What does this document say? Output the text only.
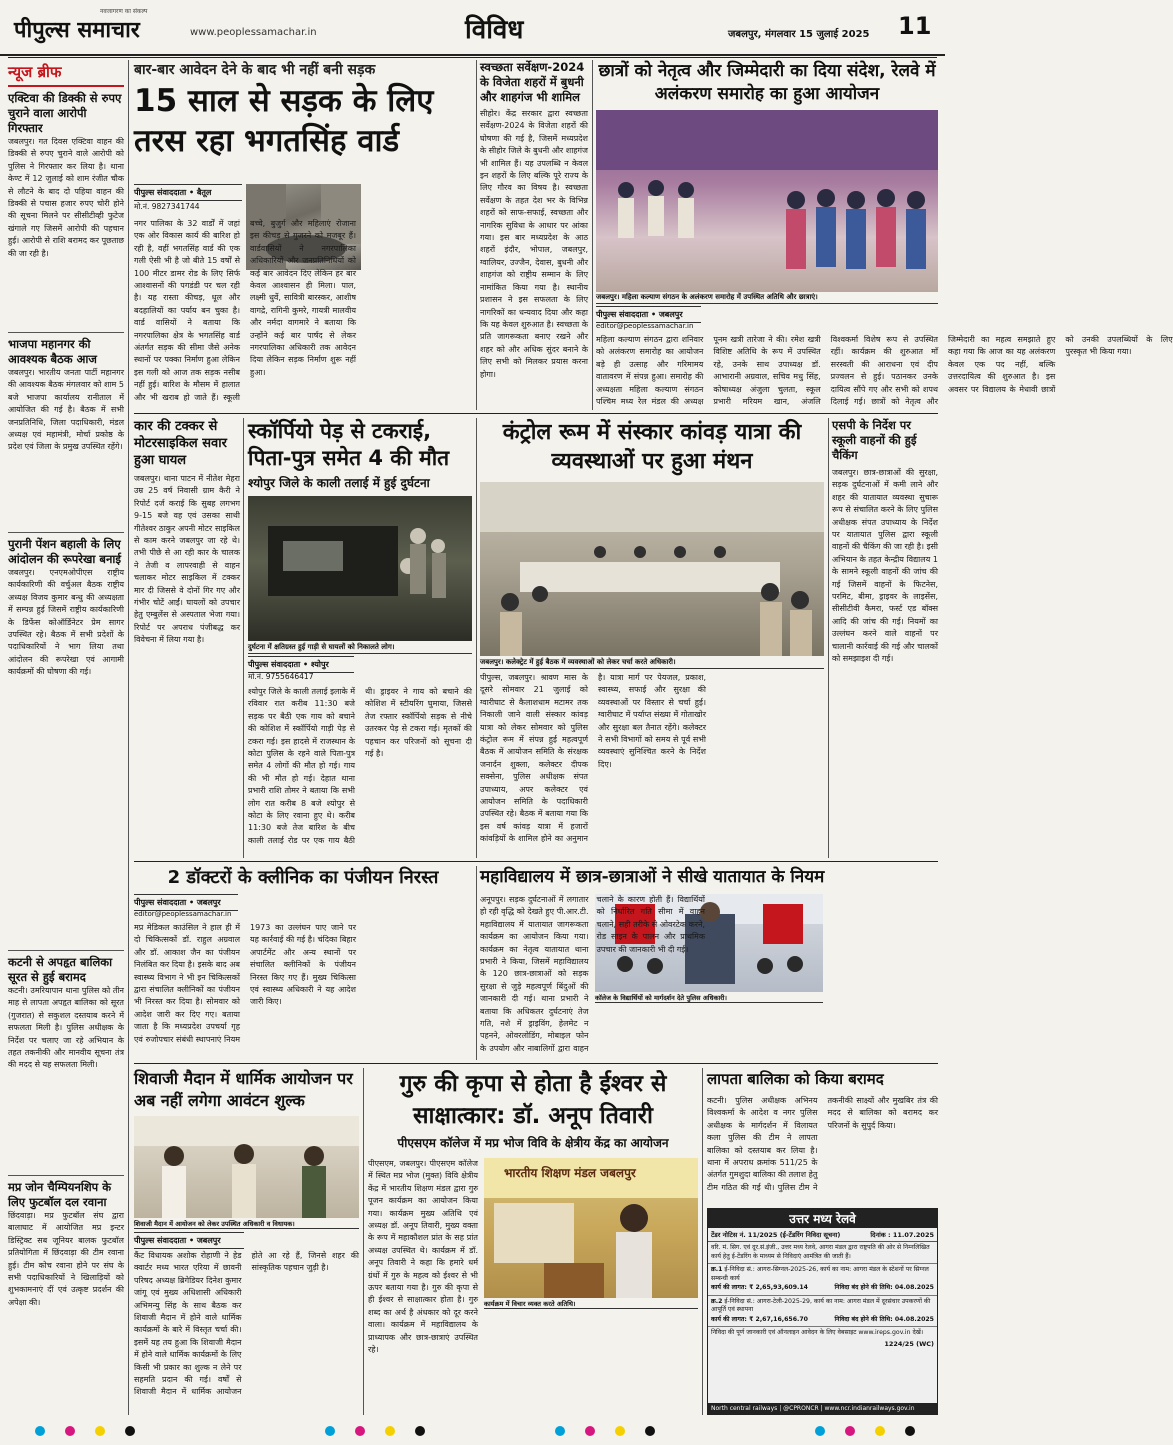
पीपुल्स समाचार
नवजागरण का संकल्प
www.peoplessamachar.in	विविध	जबलपुर, मंगलवार 15 जुलाई 2025 11
न्यूज ब्रीफ
एक्टिवा की डिक्की से रुपए चुराने वाला आरोपी गिरफ्तार
जबलपुर। गत दिवस एक्टिवा वाहन की डिक्की से रुपए चुराने वाले आरोपी को पुलिस ने गिरफ्तार कर लिया है। थाना केण्ट में 12 जुलाई को शाम रंजीत चौक से लौटने के बाद दो पहिया वाहन की डिक्की से पचास हजार रुपए चोरी होने की सूचना मिलने पर सीसीटीव्ही फुटेज खंगाले गए जिसमें आरोपी की पहचान हुई। आरोपी से राशि बरामद कर पूछताछ की जा रही है।
भाजपा महानगर की आवश्यक बैठक आज
जबलपुर। भारतीय जनता पार्टी महानगर की आवश्यक बैठक मंगलवार को शाम 5 बजे भाजपा कार्यालय रानीताल में आयोजित की गई है। बैठक में सभी जनप्रतिनिधि, जिला पदाधिकारी, मंडल अध्यक्ष एवं महामंत्री, मोर्चा प्रकोष्ठ के प्रदेश एवं जिला के प्रमुख उपस्थित रहेंगे।
पुरानी पेंशन बहाली के लिए आंदोलन की रूपरेखा बनाई
जबलपुर। एनएमओपीएस राष्ट्रीय कार्यकारिणी की वर्चुअल बैठक राष्ट्रीय अध्यक्ष विजय कुमार बन्धु की अध्यक्षता में सम्पन्न हुई जिसमें राष्ट्रीय कार्यकारिणी के डिफेंस कोऑर्डिनेटर प्रेम सागर उपस्थित रहे। बैठक में सभी प्रदेशों के पदाधिकारियों ने भाग लिया तथा आंदोलन की रूपरेखा एवं आगामी कार्यक्रमों की घोषणा की गई।
कटनी से अपहृत बालिका सूरत से हुई बरामद
कटनी। उमरियापान थाना पुलिस को तीन माह से लापता अपहृत बालिका को सूरत (गुजरात) से सकुशल दस्तयाब करने में सफलता मिली है। पुलिस अधीक्षक के निर्देश पर चलाए जा रहे अभियान के तहत तकनीकी और मानवीय सूचना तंत्र की मदद से यह सफलता मिली।
मप्र जोन चैम्पियनशिप के लिए फुटबॉल दल रवाना
छिंदवाड़ा। मप्र फुटबॉल संघ द्वारा बालाघाट में आयोजित मप्र इन्टर डिस्ट्रिक्ट सब जूनियर बालक फुटबॉल प्रतियोगिता में छिंदवाड़ा की टीम रवाना हुई। टीम कोच रवाना होने पर संघ के सभी पदाधिकारियों ने खिलाड़ियों को शुभकामनाएं दीं एवं उत्कृष्ट प्रदर्शन की अपेक्षा की।
बार-बार आवेदन देने के बाद भी नहीं बनी सड़क
15 साल से सड़क के लिए तरस रहा भगतसिंह वार्ड
पीपुल्स संवाददाता • बैतूल
मो.नं. 9827341744
नगर पालिका के 32 वार्डों में जहां एक ओर विकास कार्य की बारिश हो रही है, वहीं भगतसिंह वार्ड की एक गली ऐसी भी है जो बीते 15 वर्षों से 100 मीटर डामर रोड के लिए सिर्फ आश्वासनों की पगडंडी पर चल रही है। यह रास्ता कीचड़, धूल और बदहालियों का पर्याय बन चुका है। वार्ड वासियों ने बताया कि नगरपालिका क्षेत्र के भगतसिंह वार्ड अंतर्गत सड़क की सीमा जैसे अनेक स्थानों पर पक्का निर्माण हुआ लेकिन इस गली को आज तक सड़क नसीब नहीं हुई। बारिश के मौसम में हालात और भी खराब हो जाते हैं। स्कूली बच्चे, बुजुर्ग और महिलाएं रोजाना इस कीचड़ से गुजरने को मजबूर हैं। वार्डवासियों ने नगरपालिका अधिकारियों और जनप्रतिनिधियों को कई बार आवेदन दिए लेकिन हर बार केवल आश्वासन ही मिला। पाल, लक्ष्मी धुर्वे, सावित्री बारस्कर, आशीष वागद्रे, रागिनी कुमरे, गायत्री मालवीय और नर्मदा वागमारे ने बताया कि उन्होंने कई बार पार्षद से लेकर नगरपालिका अधिकारी तक आवेदन दिया लेकिन सड़क निर्माण शुरू नहीं हुआ।
स्वच्छता सर्वेक्षण-2024 के विजेता शहरों में बुधनी और शाहगंज भी शामिल
सीहोर। केंद्र सरकार द्वारा स्वच्छता सर्वेक्षण-2024 के विजेता शहरों की घोषणा की गई है, जिसमें मध्यप्रदेश के सीहोर जिले के बुधनी और शाहगंज भी शामिल हैं। यह उपलब्धि न केवल इन शहरों के लिए बल्कि पूरे राज्य के लिए गौरव का विषय है। स्वच्छता सर्वेक्षण के तहत देश भर के विभिन्न शहरों को साफ-सफाई, स्वच्छता और नागरिक सुविधा के आधार पर आंका गया। इस बार मध्यप्रदेश के आठ शहरों इंदौर, भोपाल, जबलपुर, ग्वालियर, उज्जैन, देवास, बुधनी और शाहगंज को राष्ट्रीय सम्मान के लिए नामांकित किया गया है। स्थानीय प्रशासन ने इस सफलता के लिए नागरिकों का धन्यवाद दिया और कहा कि यह केवल शुरुआत है। स्वच्छता के प्रति जागरूकता बनाए रखने और शहर को और अधिक सुंदर बनाने के लिए सभी को मिलकर प्रयास करना होगा।
छात्रों को नेतृत्व और जिम्मेदारी का दिया संदेश, रेलवे में अलंकरण समारोह का हुआ आयोजन
जबलपुर। महिला कल्याण संगठन के अलंकरण समारोह में उपस्थित अतिथि और छात्राएं।
पीपुल्स संवाददाता • जबलपुर
editor@peoplessamachar.in
महिला कल्याण संगठन द्वारा शनिवार को अलंकरण समारोह का आयोजन बड़े ही उत्साह और गरिमामय वातावरण में संपन्न हुआ। समारोह की अध्यक्षता महिला कल्याण संगठन पश्चिम मध्य रेल मंडल की अध्यक्ष पूनम खत्री तारेजा ने की। रमेश खत्री विशिष्ट अतिथि के रूप में उपस्थित रहे, उनके साथ उपाध्यक्ष डॉ. आभारानी अग्रवाल, सचिव मधु सिंह, कोषाध्यक्ष अंजुला चुलता, स्कूल प्रभारी मरियम खान, अंजलि विश्वकर्मा विशेष रूप से उपस्थित रहीं। कार्यक्रम की शुरुआत माँ सरस्वती की आराधना एवं दीप प्रज्वलन से हुई। पठानकर उनके दायित्व सौंपे गए और सभी को शपथ दिलाई गई। छात्रों को नेतृत्व और जिम्मेदारी का महत्व समझाते हुए कहा गया कि आज का यह अलंकरण केवल एक पद नहीं, बल्कि उत्तरदायित्व की शुरुआत है। इस अवसर पर विद्यालय के मेधावी छात्रों को उनकी उपलब्धियों के लिए पुरस्कृत भी किया गया।
कार की टक्कर से मोटरसाइकिल सवार हुआ घायल
जबलपुर। थाना पाटन में नीतेश मेहरा उम्र 25 वर्ष निवासी ग्राम कैरी ने रिपोर्ट दर्ज कराई कि सुबह लगभग 9-15 बजे वह एवं उसका साथी गीतेश्वर ठाकुर अपनी मोटर साइकिल से काम करने जबलपुर जा रहे थे। तभी पीछे से आ रही कार के चालक ने तेजी व लापरवाही से वाहन चलाकर मोटर साइकिल में टक्कर मार दी जिससे वे दोनों गिर गए और गंभीर चोटें आईं। घायलों को उपचार हेतु एम्बुलेंस से अस्पताल भेजा गया। रिपोर्ट पर अपराध पंजीबद्ध कर विवेचना में लिया गया है।
स्कॉर्पियो पेड़ से टकराई, पिता-पुत्र समेत 4 की मौत
श्योपुर जिले के काली तलाई में हुई दुर्घटना
दुर्घटना में क्षतिग्रस्त हुई गाड़ी से घायलों को निकालते लोग।
पीपुल्स संवाददाता • श्योपुर
मो.नं. 9755646417
श्योपुर जिले के काली तलाई इलाके में रविवार रात करीब 11:30 बजे सड़क पर बैठी एक गाय को बचाने की कोशिश में स्कॉर्पियो गाड़ी पेड़ से टकरा गई। इस हादसे में राजस्थान के कोटा पुलिस के रहने वाले पिता-पुत्र समेत 4 लोगों की मौत हो गई। गाय की भी मौत हो गई। देहात थाना प्रभारी राशि तोमर ने बताया कि सभी लोग रात करीब 8 बजे श्योपुर से कोटा के लिए रवाना हुए थे। करीब 11:30 बजे तेज बारिश के बीच काली तलाई रोड पर एक गाय बैठी थी। ड्राइवर ने गाय को बचाने की कोशिश में स्टीयरिंग घुमाया, जिससे तेज रफ्तार स्कॉर्पियो सड़क से नीचे उतरकर पेड़ से टकरा गई। मृतकों की पहचान कर परिजनों को सूचना दी गई है।
कंट्रोल रूम में संस्कार कांवड़ यात्रा की व्यवस्थाओं पर हुआ मंथन
जबलपुर। कलेक्ट्रेट में हुई बैठक में व्यवस्थाओं को लेकर चर्चा करते अधिकारी।
पीपुल्स, जबलपुर। श्रावण मास के दूसरे सोमवार 21 जुलाई को ग्वारीघाट से कैलाशधाम मटामर तक निकाली जाने वाली संस्कार कांवड़ यात्रा को लेकर सोमवार को पुलिस कंट्रोल रूम में संपन्न हुई महत्वपूर्ण बैठक में आयोजन समिति के संरक्षक जनार्दन शुक्ला, कलेक्टर दीपक सक्सेना, पुलिस अधीक्षक संपत उपाध्याय, अपर कलेक्टर एवं आयोजन समिति के पदाधिकारी उपस्थित रहे। बैठक में बताया गया कि इस वर्ष कांवड़ यात्रा में हजारों कांवड़ियों के शामिल होने का अनुमान है। यात्रा मार्ग पर पेयजल, प्रकाश, स्वास्थ्य, सफाई और सुरक्षा की व्यवस्थाओं पर विस्तार से चर्चा हुई। ग्वारीघाट में पर्याप्त संख्या में गोताखोर और सुरक्षा बल तैनात रहेंगे। कलेक्टर ने सभी विभागों को समय से पूर्व सभी व्यवस्थाएं सुनिश्चित करने के निर्देश दिए।
एसपी के निर्देश पर स्कूली वाहनों की हुई चैकिंग
जबलपुर। छात्र-छात्राओं की सुरक्षा, सड़क दुर्घटनाओं में कमी लाने और शहर की यातायात व्यवस्था सुचारू रूप से संचालित करने के लिए पुलिस अधीक्षक संपत उपाध्याय के निर्देश पर यातायात पुलिस द्वारा स्कूली वाहनों की चैकिंग की जा रही है। इसी अभियान के तहत केन्द्रीय विद्यालय 1 के सामने स्कूली वाहनों की जांच की गई जिसमें वाहनों के फिटनेस, परमिट, बीमा, ड्राइवर के लाइसेंस, सीसीटीवी कैमरा, फर्स्ट एड बॉक्स आदि की जांच की गई। नियमों का उल्लंघन करने वाले वाहनों पर चालानी कार्रवाई की गई और चालकों को समझाइश दी गई।
2 डॉक्टरों के क्लीनिक का पंजीयन निरस्त
पीपुल्स संवाददाता • जबलपुर
editor@peoplessamachar.in
मप्र मेडिकल काउंसिल ने हाल ही में दो चिकित्सकों डॉ. राहुल अग्रवाल और डॉ. आकाश जैन का पंजीयन निलंबित कर दिया है। इसके बाद अब स्वास्थ्य विभाग ने भी इन चिकित्सकों द्वारा संचालित क्लीनिकों का पंजीयन भी निरस्त कर दिया है। सोमवार को आदेश जारी कर दिए गए। बताया जाता है कि मध्यप्रदेश उपचर्या गृह एवं रुजोपचार संबंधी स्थापनाएं नियम 1973 का उल्लंघन पाए जाने पर यह कार्रवाई की गई है। चंदिका बिहार अपार्टमेंट और अन्य स्थानों पर संचालित क्लीनिकों के पंजीयन निरस्त किए गए हैं। मुख्य चिकित्सा एवं स्वास्थ्य अधिकारी ने यह आदेश जारी किए।
महाविद्यालय में छात्र-छात्राओं ने सीखे यातायात के नियम
कॉलेज के विद्यार्थियों को मार्गदर्शन देते पुलिस अधिकारी।
अनूपपुर। सड़क दुर्घटनाओं में लगातार हो रही वृद्धि को देखते हुए पी.आर.टी. महाविद्यालय में यातायात जागरूकता कार्यक्रम का आयोजन किया गया। कार्यक्रम का नेतृत्व यातायात थाना प्रभारी ने किया, जिसमें महाविद्यालय के 120 छात्र-छात्राओं को सड़क सुरक्षा से जुड़े महत्वपूर्ण बिंदुओं की जानकारी दी गई। थाना प्रभारी ने बताया कि अधिकतर दुर्घटनाएं तेज गति, नशे में ड्राइविंग, हेलमेट न पहनने, ओवरलोडिंग, मोबाइल फोन के उपयोग और नाबालिगों द्वारा वाहन चलाने के कारण होती हैं। विद्यार्थियों को निर्धारित गति सीमा में वाहन चलाने, सही तरीके से ओवरटेक करने, रोड साइन के पालन और प्राथमिक उपचार की जानकारी भी दी गई।
शिवाजी मैदान में धार्मिक आयोजन पर अब नहीं लगेगा आवंटन शुल्क
शिवाजी मैदान में आयोजन को लेकर उपस्थित अधिकारी व विधायक।
पीपुल्स संवाददाता • जबलपुर
कैंट विधायक अशोक रोहाणी ने हेड क्वार्टर मध्य भारत एरिया में छावनी परिषद अध्यक्ष ब्रिगेडियर दिनेश कुमार जांगू एवं मुख्य अधिशासी अधिकारी अभिमन्यु सिंह के साथ बैठक कर शिवाजी मैदान में होने वाले धार्मिक कार्यक्रमों के बारे में विस्तृत चर्चा की। इसमें यह तय हुआ कि शिवाजी मैदान में होने वाले धार्मिक कार्यक्रमों के लिए किसी भी प्रकार का शुल्क न लेने पर सहमति प्रदान की गई। वर्षों से शिवाजी मैदान में धार्मिक आयोजन होते आ रहे हैं, जिनसे शहर की सांस्कृतिक पहचान जुड़ी है।
गुरु की कृपा से होता है ईश्वर से साक्षात्कार: डॉ. अनूप तिवारी
पीएसएम कॉलेज में मप्र भोज विवि के क्षेत्रीय केंद्र का आयोजन
पीएसएम, जबलपुर। पीएसएम कॉलेज में स्थित मप्र भोज (मुक्त) विवि क्षेत्रीय केंद्र में भारतीय शिक्षण मंडल द्वारा गुरु पूजन कार्यक्रम का आयोजन किया गया। कार्यक्रम मुख्य अतिथि एवं अध्यक्ष डॉ. अनूप तिवारी, मुख्य वक्ता के रूप में महाकौशल प्रांत के सह प्रांत अध्यक्ष उपस्थित थे। कार्यक्रम में डॉ. अनूप तिवारी ने कहा कि हमारे धर्म ग्रंथों में गुरु के महत्व को ईश्वर से भी ऊपर बताया गया है। गुरु की कृपा से ही ईश्वर से साक्षात्कार होता है। गुरु शब्द का अर्थ है अंधकार को दूर करने वाला। कार्यक्रम में महाविद्यालय के प्राध्यापक और छात्र-छात्राएं उपस्थित रहे।
भारतीय शिक्षण मंडल जबलपुर
कार्यक्रम में विचार व्यक्त करते अतिथि।
लापता बालिका को किया बरामद
कटनी। पुलिस अधीक्षक अभिनय विश्वकर्मा के आदेश व नगर पुलिस अधीक्षक के मार्गदर्शन में विलायत कला पुलिस की टीम ने लापता बालिका को दस्तयाब कर लिया है। थाना में अपराध क्रमांक 511/25 के अंतर्गत गुमशुदा बालिका की तलाश हेतु टीम गठित की गई थी। पुलिस टीम ने तकनीकी साक्ष्यों और मुखबिर तंत्र की मदद से बालिका को बरामद कर परिजनों के सुपुर्द किया।
उत्तर मध्य रेलवे
टेंडर नोटिस नं. 11/2025 (ई-टेंडरिंग निविदा सूचना)	दिनांक : 11.07.2025
वरि. मं. सिग. एवं दूर.सं.इंजी., उत्तर मध्य रेलवे, आगरा मंडल द्वारा राष्ट्रपति की ओर से निम्नलिखित कार्य हेतु ई-टेंडरिंग के माध्यम से निविदाएं आमंत्रित की जाती हैं।
क्र.1 ई-निविदा सं.: आगरा-सिग्नल-2025-26, कार्य का नाम: आगरा मंडल के स्टेशनों पर सिग्नल सम्बन्धी कार्य
कार्य की लागत: ₹ 2,65,93,609.14	निविदा बंद होने की तिथि: 04.08.2025
क्र.2 ई-निविदा सं.: आगरा-टेली-2025-29, कार्य का नाम: आगरा मंडल में दूरसंचार उपकरणों की आपूर्ति एवं स्थापना
कार्य की लागत: ₹ 2,67,16,656.70	निविदा बंद होने की तिथि: 04.08.2025
निविदा की पूर्ण जानकारी एवं ऑनलाइन आवेदन के लिए वेबसाइट www.ireps.gov.in देखें।
1224/25 (WC)
North central railways | @CPRONCR | www.ncr.indianrailways.gov.in
